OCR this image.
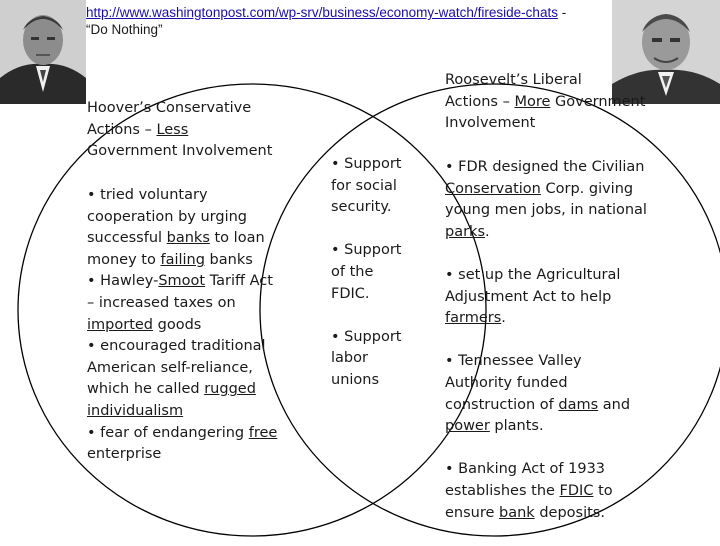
http://www.washingtonpost.com/wp-srv/business/economy-watch/fireside-chats -
“Do Nothing”
Hoover’s Conservative
Actions – Less
Government Involvement
• tried voluntary
cooperation by urging
successful banks to loan
money to failing banks
• Hawley-Smoot Tariff Act
– increased taxes on
imported goods
• encouraged traditional
American self-reliance,
which he called rugged
individualism
• fear of endangering free
enterprise
• Support
for social
security.
• Support
of the
FDIC.
• Support
labor
unions
Roosevelt’s Liberal
Actions – More Government
Involvement
• FDR designed the Civilian
Conservation Corp. giving
young men jobs, in national
parks.
• set up the Agricultural
Adjustment Act to help
farmers.
• Tennessee Valley
Authority funded
construction of dams and
power plants.
• Banking Act of 1933
establishes the FDIC to
ensure bank deposits.
